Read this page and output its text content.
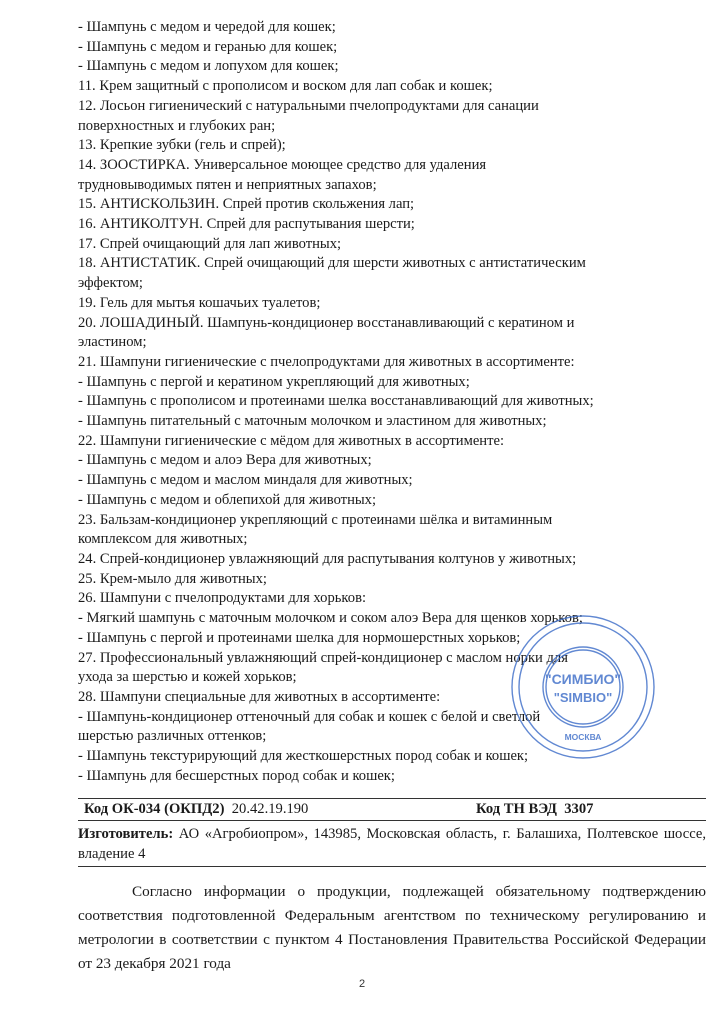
- Шампунь с медом и чередой для кошек;
- Шампунь с медом и геранью для кошек;
- Шампунь с медом и лопухом для кошек;
11. Крем защитный с прополисом и воском для лап собак и кошек;
12. Лосьон гигиенический с натуральными пчелопродуктами для санации
поверхностных и глубоких ран;
13. Крепкие зубки (гель и спрей);
14. ЗООСТИРКА. Универсальное моющее средство для удаления
трудновыводимых пятен и неприятных запахов;
15. АНТИСКОЛЬЗИН. Спрей против скольжения лап;
16. АНТИКОЛТУН. Спрей для распутывания шерсти;
17. Спрей очищающий для лап животных;
18. АНТИСТАТИК. Спрей очищающий для шерсти животных с антистатическим
эффектом;
19. Гель для мытья кошачьих туалетов;
20. ЛОШАДИНЫЙ. Шампунь-кондиционер восстанавливающий с кератином и
эластином;
21. Шампуни гигиенические с пчелопродуктами для животных в ассортименте:
- Шампунь с пергой и кератином укрепляющий для животных;
- Шампунь с прополисом и протеинами шелка восстанавливающий для животных;
- Шампунь питательный с маточным молочком и эластином для животных;
22. Шампуни гигиенические с мёдом для животных в ассортименте:
- Шампунь с медом и алоэ Вера для животных;
- Шампунь с медом и маслом миндаля для животных;
- Шампунь с медом и облепихой для животных;
23. Бальзам-кондиционер укрепляющий с протеинами шёлка и витаминным
комплексом для животных;
24. Спрей-кондиционер увлажняющий для распутывания колтунов у животных;
25. Крем-мыло для животных;
26. Шампуни с пчелопродуктами для хорьков:
- Мягкий шампунь с маточным молочком и соком алоэ Вера для щенков хорьков;
- Шампунь с пергой и протеинами шелка для нормошерстных хорьков;
27. Профессиональный увлажняющий спрей-кондиционер с маслом норки для
ухода за шерстью и кожей хорьков;
28. Шампуни специальные для животных в ассортименте:
- Шампунь-кондиционер оттеночный для собак и кошек с белой и светлой
шерстью различных оттенков;
- Шампунь текстурирующий для жесткошерстных пород собак и кошек;
- Шампунь для бесшерстных пород собак и кошек;
Код ОК-034 (ОКПД2) 20.42.19.190	Код ТН ВЭД 3307
Изготовитель: АО «Агробиопром», 143985, Московская область, г. Балашиха, Полтевское шоссе, владение 4
Согласно информации о продукции, подлежащей обязательному подтверждению соответствия подготовленной Федеральным агентством по техническому регулированию и метрологии в соответствии с пунктом 4 Постановления Правительства Российской Федерации от 23 декабря 2021 года
2
"СИМБИО"
"SIMBIO"
МОСКВА
